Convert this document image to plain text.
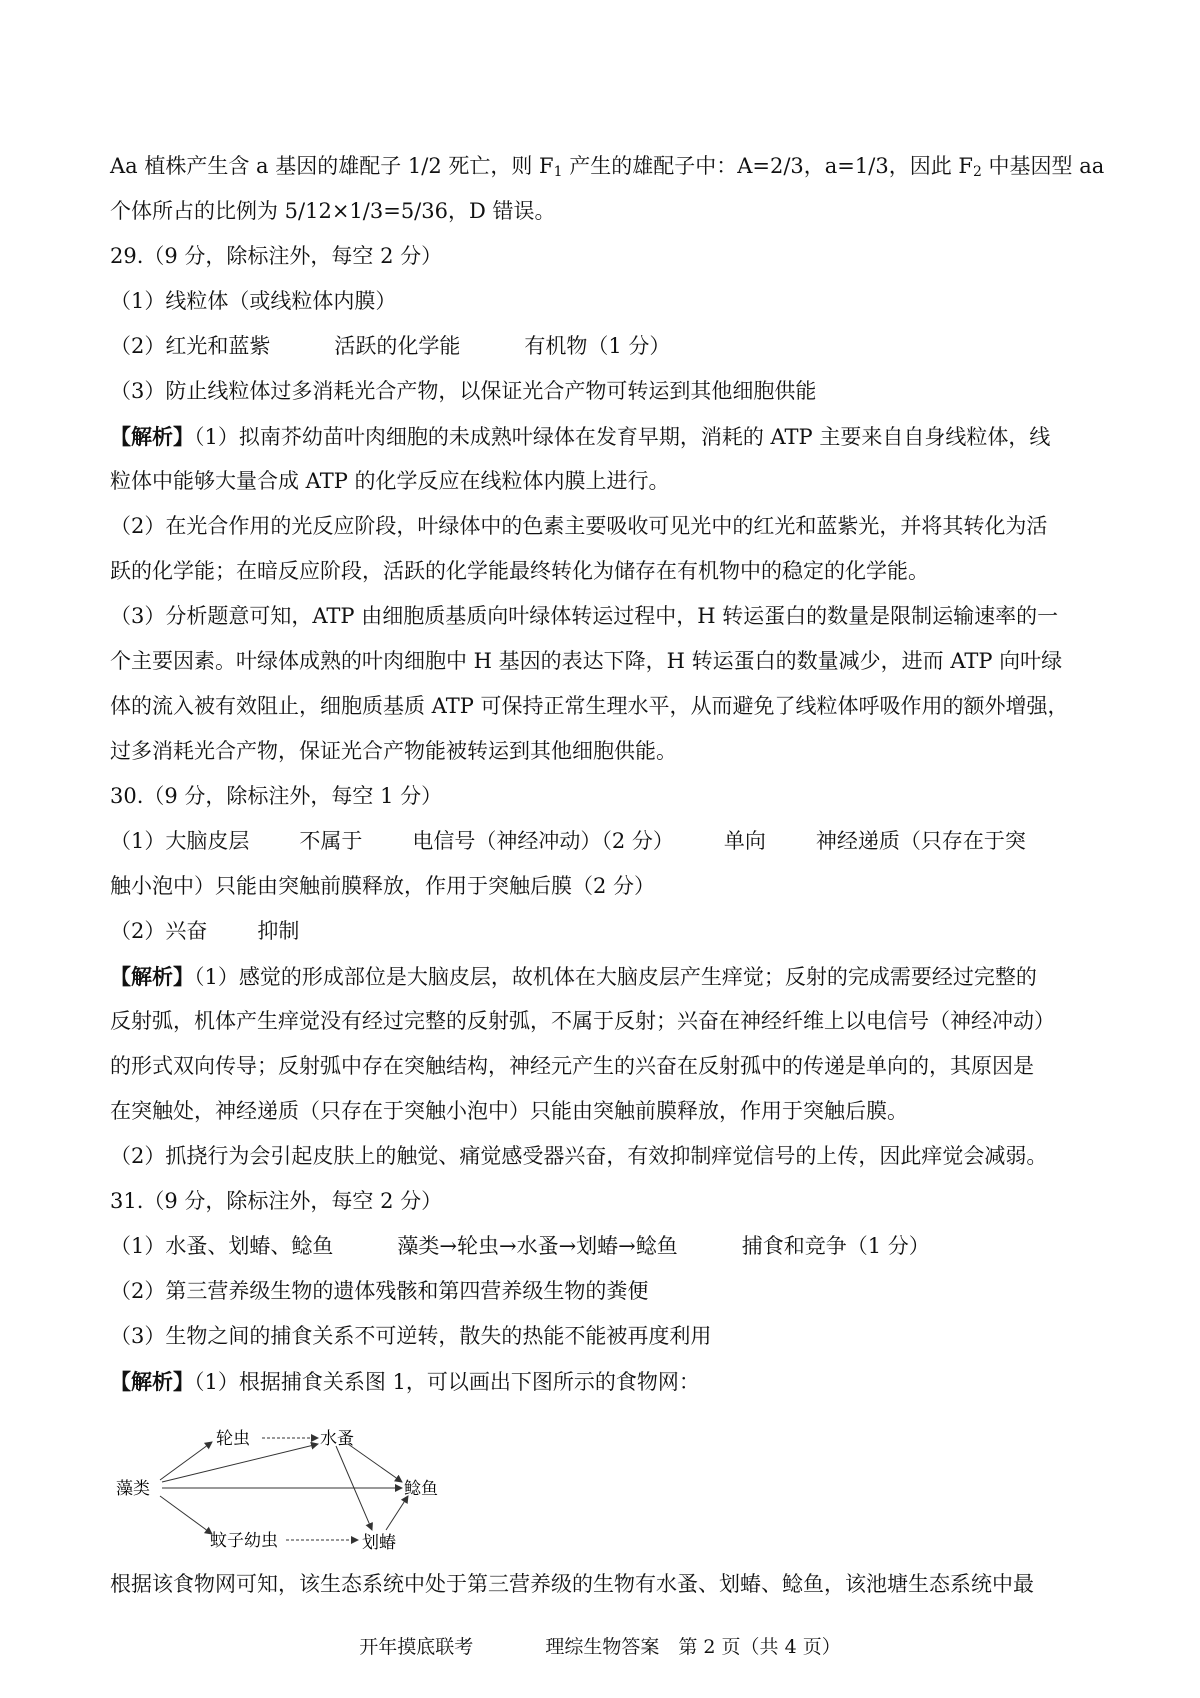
Aa 植株产生含 a 基因的雄配子 1/2 死亡，则 $F_1$ 产生的雄配子中：A=2/3，a=1/3，因此 $F_2$ 中基因型 aa
个体所占的比例为 5/12×1/3=5/36，D 错误。
29.（9 分，除标注外，每空 2 分）
（1）线粒体（或线粒体内膜）
（2）红光和蓝紫	活跃的化学能	有机物（1 分）
（3）防止线粒体过多消耗光合产物，以保证光合产物可转运到其他细胞供能
【解析】（1）拟南芥幼苗叶肉细胞的未成熟叶绿体在发育早期，消耗的 ATP 主要来自自身线粒体，线
粒体中能够大量合成 ATP 的化学反应在线粒体内膜上进行。
（2）在光合作用的光反应阶段，叶绿体中的色素主要吸收可见光中的红光和蓝紫光，并将其转化为活
跃的化学能；在暗反应阶段，活跃的化学能最终转化为储存在有机物中的稳定的化学能。
（3）分析题意可知，ATP 由细胞质基质向叶绿体转运过程中，H 转运蛋白的数量是限制运输速率的一
个主要因素。叶绿体成熟的叶肉细胞中 H 基因的表达下降，H 转运蛋白的数量减少，进而 ATP 向叶绿
体的流入被有效阻止，细胞质基质 ATP 可保持正常生理水平，从而避免了线粒体呼吸作用的额外增强，
过多消耗光合产物，保证光合产物能被转运到其他细胞供能。
30.（9 分，除标注外，每空 1 分）
（1）大脑皮层 不属于 电信号（神经冲动）（2 分） 单向 神经递质（只存在于突
触小泡中）只能由突触前膜释放，作用于突触后膜（2 分）
（2）兴奋 抑制
【解析】（1）感觉的形成部位是大脑皮层，故机体在大脑皮层产生痒觉；反射的完成需要经过完整的
反射弧，机体产生痒觉没有经过完整的反射弧，不属于反射；兴奋在神经纤维上以电信号（神经冲动）
的形式双向传导；反射弧中存在突触结构，神经元产生的兴奋在反射孤中的传递是单向的，其原因是
在突触处，神经递质（只存在于突触小泡中）只能由突触前膜释放，作用于突触后膜。
（2）抓挠行为会引起皮肤上的触觉、痛觉感受器兴奋，有效抑制痒觉信号的上传，因此痒觉会减弱。
31.（9 分，除标注外，每空 2 分）
（1）水蚤、划蝽、鲶鱼	藻类→轮虫→水蚤→划蝽→鲶鱼	捕食和竞争（1 分）
（2）第三营养级生物的遗体残骸和第四营养级生物的粪便
（3）生物之间的捕食关系不可逆转，散失的热能不能被再度利用
【解析】（1）根据捕食关系图 1，可以画出下图所示的食物网：
藻类
轮虫	水蚤
鲶鱼
蚊子幼虫	划蝽
根据该食物网可知，该生态系统中处于第三营养级的生物有水蚤、划蝽、鲶鱼，该池塘生态系统中最
开年摸底联考	理综生物答案　第 2 页（共 4 页）
